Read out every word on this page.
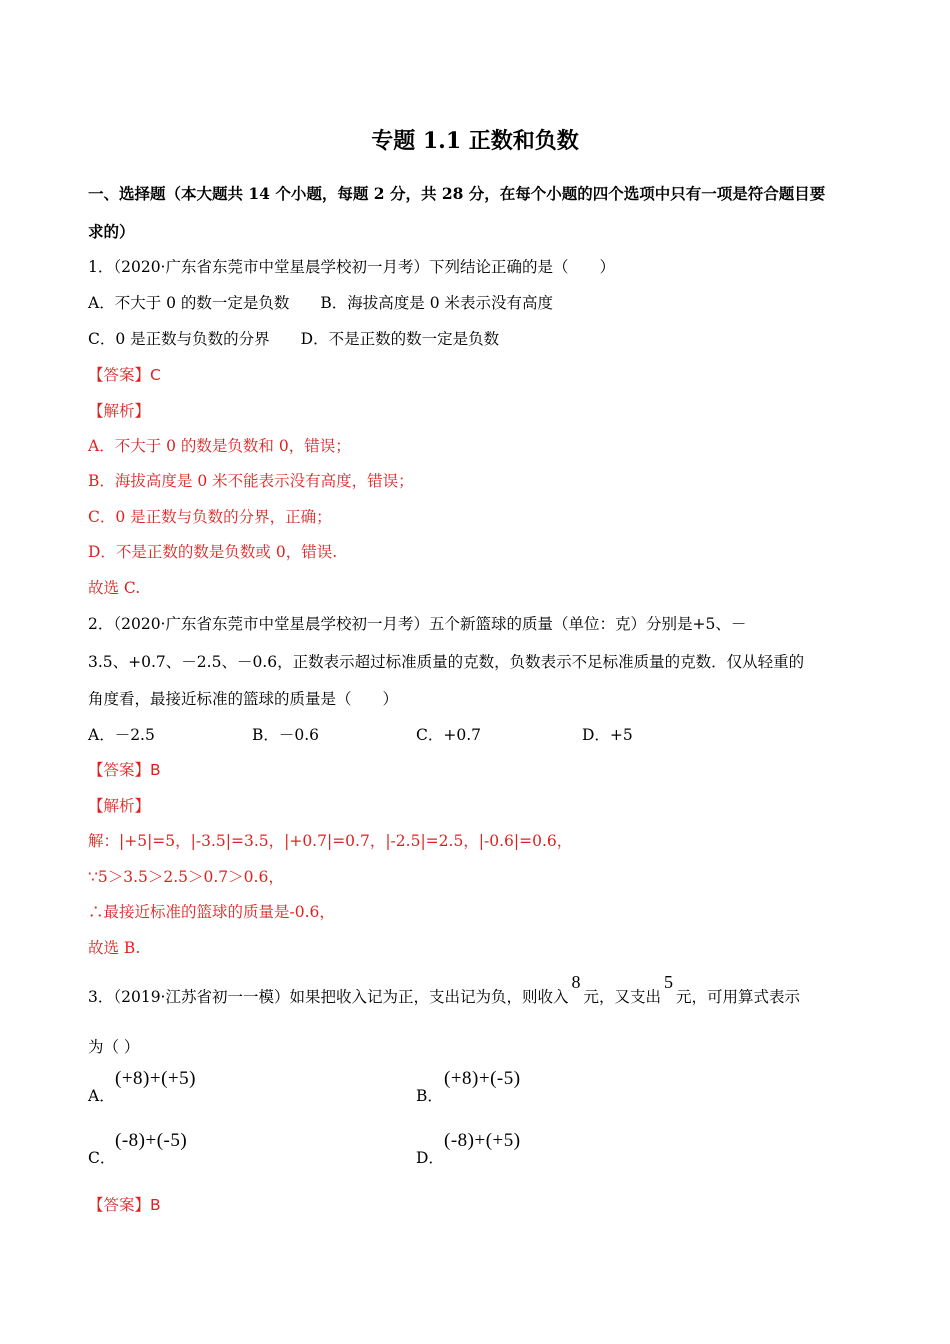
专题 1.1 正数和负数
一、选择题（本大题共 14 个小题，每题 2 分，共 28 分，在每个小题的四个选项中只有一项是符合题目要
求的）
1．（2020·广东省东莞市中堂星晨学校初一月考）下列结论正确的是（　　）
A．不大于 0 的数一定是负数　　B．海拔高度是 0 米表示没有高度
C．0 是正数与负数的分界　　D．不是正数的数一定是负数
【答案】C
【解析】
A．不大于 0 的数是负数和 0，错误；
B．海拔高度是 0 米不能表示没有高度，错误；
C．0 是正数与负数的分界，正确；
D．不是正数的数是负数或 0，错误.
故选 C.
2．（2020·广东省东莞市中堂星晨学校初一月考）五个新篮球的质量（单位：克）分别是+5、－
3.5、+0.7、－2.5、－0.6，正数表示超过标准质量的克数，负数表示不足标准质量的克数．仅从轻重的
角度看，最接近标准的篮球的质量是（　　）
A．－2.5	B．－0.6	C．+0.7	D．+5
【答案】B
【解析】
解：|+5|=5，|-3.5|=3.5，|+0.7|=0.7，|-2.5|=2.5，|-0.6|=0.6，
∵5＞3.5＞2.5＞0.7＞0.6，
∴最接近标准的篮球的质量是-0.6，
故选 B.
3．（2019·江苏省初一一模）如果把收入记为正，支出记为负，则收入8元，又支出5元，可用算式表示
为（ ）
A．
(+8)+(+5)
B．
(+8)+(-5)
C．
(-8)+(-5)
D．
(-8)+(+5)
【答案】B
